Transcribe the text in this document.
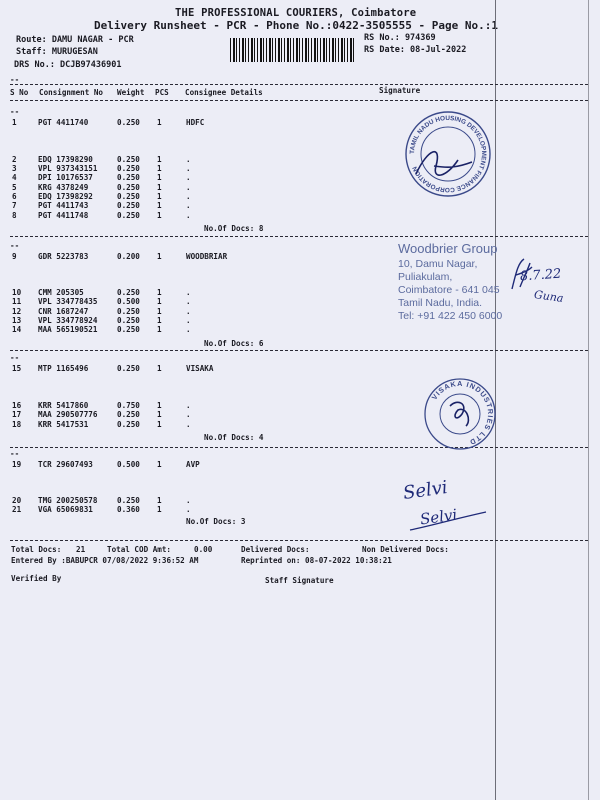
THE PROFESSIONAL COURIERS, Coimbatore
Delivery Runsheet - PCR - Phone No.:0422-3505555 - Page No.:1
Route: DAMU NAGAR - PCR
Staff: MURUGESAN
DRS No.: DCJB97436901
RS No.: 974369
RS Date: 08-Jul-2022
--
S No Consignment No Weight PCS Consignee Details	Signature
--
1	PGT 4411740	0.250 1	HDFC
2	EDQ 17398290	0.250 1	.
3	VPL 937343151	0.250 1	.
4	DPI 10176537	0.250 1	.
5	KRG 4378249	0.250 1	.
6	EDQ 17398292	0.250 1	.
7	PGT 4411743	0.250 1	.
8	PGT 4411748	0.250 1	.
No.Of Docs: 8
--
9	GDR 5223783	0.200 1	WOODBRIAR
10 CMM 205305	0.250 1	.
11 VPL 334778435	0.500 1	.
12 CNR 1687247	0.250 1	.
13 VPL 334778924	0.250 1	.
14 MAA 565190521	0.250 1	.
No.Of Docs: 6
--
15 MTP 1165496	0.250 1	VISAKA
16 KRR 5417860	0.750 1	.
17 MAA 290507776	0.250 1	.
18 KRR 5417531	0.250 1	.
No.Of Docs: 4
--
19 TCR 29607493	0.500 1	AVP
20 TMG 200250578	0.250 1	.
21 VGA 65069831	0.360 1	.
No.Of Docs: 3
Total Docs: 21	Total COD Amt:	0.00	Delivered Docs:	Non Delivered Docs:
Entered By :BABUPCR 07/08/2022 9:36:52 AM	Reprinted on: 08-07-2022 10:38:21
Verified By	Staff Signature
TAMIL NADU HOUSING DEVELOPMENT FINANCE CORPORATION
Woodbrier Group
10, Damu Nagar,
Puliakulam,
Coimbatore - 641 045
Tamil Nadu, India.
Tel: +91 422 450 6000
8.7.22
Guna
VISAKA INDUSTRIES LTD
Selvi
Selvi
